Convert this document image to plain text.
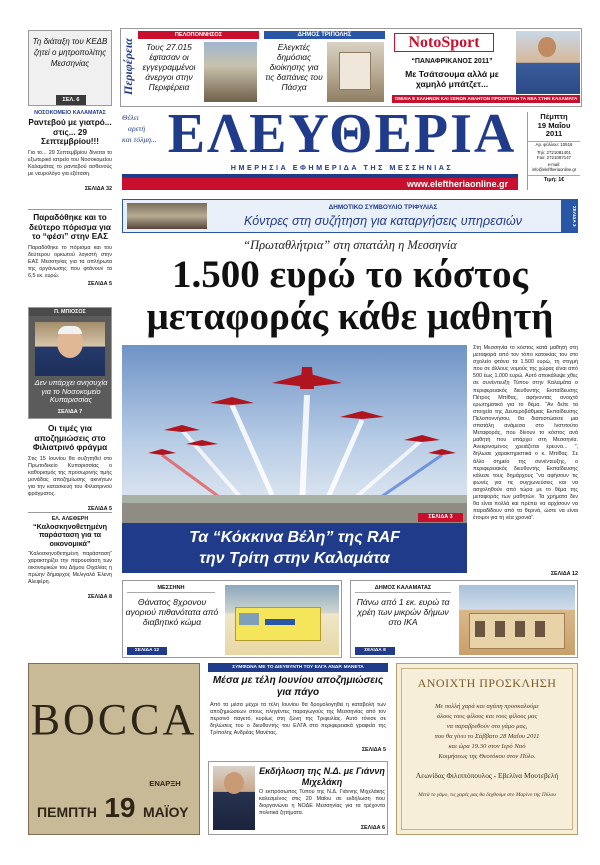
Τη διάταξη του ΚΕΔΒ ζητεί ο μητροπολίτης Μεσσηνίας
ΣΕΛ. 6
ΝΟΣΟΚΟΜΕΙΟ ΚΑΛΑΜΑΤΑΣ
Ραντεβού με γιατρό... στις... 29 Σεπτεμβρίου!!!
Για το... 29 Σεπτεμβρίου δίνεται το εξωτερικό ιατρείο του Νοσοκομείου Καλαμάτας το ραντεβού ασθενούς με νευρολόγο για εξέταση.
ΣΕΛΙΔΑ 32
Παραδόθηκε και το δεύτερο πόρισμα για το “φέσι” στην ΕΑΣ
Παραδόθηκε το πόρισμα και του δεύτερου ορκωτού λογιστή στην ΕΑΣ Μεσσηνίας για τα απλήρωτα της οργάνωσης που φτάνουν τα 6,5 εκ. ευρώ.
ΣΕΛΙΔΑ 5
Π. ΜΠΙΟΣΟΣ
Δεν υπάρχει ανησυχία για το Νοσοκομείο Κυπαρισσίας
ΣΕΛΙΔΑ 7
Οι τιμές για αποζημιώσεις στο Φιλιατρινό φράγμα
Στις 15 Ιουνίου θα συζητηθεί στο Πρωτοδικείο Κυπαρισσίας ο καθορισμός της προσωρινής τιμής μονάδας αποζημίωσης ακινήτων για την κατασκευή του Φιλιατρινού φράγματος.
ΣΕΛΙΔΑ 5
ΕΛ. ΑΛΕΦΕΡΗ
“Καλοσκηνοθετημένη παράσταση για τα οικονομικά”
“Καλοσκηνοθετημένη παράσταση” χαρακτηρίζει την παρουσίαση των οικονομικών του Δήμου Οιχαλίας η πρώην δήμαρχος Μελιγαλά Έλενη Αλεφέρη.
ΣΕΛΙΔΑ 8
Περιφέρεια
ΠΕΛΟΠΟΝΝΗΣΟΣ
Τους 27.015 έφτασαν οι εγγεγραμμένοι άνεργοι στην Περιφέρεια
ΔΗΜΟΣ ΤΡΙΠΟΛΗΣ
Ελεγκτές δημόσιας διοίκησης για τις δαπάνες του Πάσχα
NotoSport
“ΠΑΝΑΦΡΙΚΑΝΟΣ 2011”
Με Τσάτσουμα αλλά με χαμηλό μπάτζετ...
ΟΜΙΛΙΑ Ε ΕΛΛΗΝΩΝ ΚΑΙ ΞΕΝΩΝ ΑΘΛΗΤΩΝ ΠΡΟΟΠΤΙΚΗ ΤΑ ΝΕΑ ΣΤΗΝ ΚΑΛΑΜΑΤΑ
Θέλει
αρετή
και τόλμη... ΕΛΕΥΘΕΡΙΑ
ΗΜΕΡΗΣΙΑ ΕΦΗΜΕΡΙΔΑ ΤΗΣ ΜΕΣΣΗΝΙΑΣ
www.eleftheriaonline.gr
Πέμπτη
19 Μαΐου
2011
Αρ. φύλλου: 10516
Τηλ: 2721081401
Fax: 2721087147
e-mail: info@eleftheriaonline.gr
Τιμή: 1€
ΔΗΜΟΤΙΚΟ ΣΥΜΒΟΥΛΙΟ ΤΡΙΦΥΛΙΑΣ
Κόντρες στη συζήτηση για καταργήσεις υπηρεσιών	ΣΕΛΙΔΑ 3
“Πρωταθλήτρια” στη σπατάλη η Μεσσηνία
1.500 ευρώ το κόστος
μεταφοράς κάθε μαθητή
ΣΕΛΙΔΑ 3
Τα “Κόκκινα Βέλη” της RAF
την Τρίτη στην Καλαμάτα
Στη Μεσσηνία το κόστος κατά μαθητή στη μεταφορά από τον τόπο κατοικίας του στο σχολείο φτάνει τα 1.500 ευρώ, τη στιγμή που σε άλλους νομούς της χώρας είναι από 500 έως 1.000 ευρώ. Αυτό αποκάλυψε χθες σε συνέντευξη Τύπου στην Καλαμάτα ο περιφερειακός διευθυντής Εκπαίδευσης Πέτρος Μπίθας, αφήνοντας ανοιχτό ερωτηματικό για το θέμα. “Αν δείτε τα στοιχεία της Δευτεροβάθμιας Εκπαίδευσης Πελοποννήσου, θα διαπιστώσετε μια σπατάλη ανάμεσα στο Ινστιτούτο Μεταφοράς, που δίνουν το κόστος ανά μαθητή που υπάρχει στη Μεσσηνία. Ανεκρινομένος χρειάζεται έρευνα... ”, δήλωσε χαρακτηριστικά ο κ. Μπίθας. Σε άλλο σημείο της συνέντευξης, ο περιφερειακός διευθυντής Εκπαίδευσης κάλεσε τους δημάρχους “να αφήσουν τις φωνές για τις συγχωνεύσεις και να ασχοληθούν από τώρα με το θέμα της μεταφοράς των μαθητών. Τα χρήματα δεν θα είναι πολλά και πρέπει να αρχίσουν να παραδίδουν από τα θερινά, ώστε να είναι έτοιμοι για τη νέα χρονιά”.
ΣΕΛΙΔΑ 12
ΜΕΣΣΗΝΗ
Θάνατος 8χρονου αγοριού πιθανότατα από διαβητικό κώμα
ΣΕΛΙΔΑ 12
ΔΗΜΟΣ ΚΑΛΑΜΑΤΑΣ
Πάνω από 1 εκ. ευρώ τα χρέη των μικρών δήμων στο ΙΚΑ
ΣΕΛΙΔΑ 8
BOCCA
ΕΝΑΡΞΗ
ΠΕΜΠΤΗ 19 ΜΑΪΟΥ
ΣΥΜΦΩΝΑ ΜΕ ΤΟ ΔΙΕΥΘΥΝΤΗ ΤΟΥ ΕΛΓΑ ΑΝΔΡ. ΜΑΝΕΤΑ
Μέσα με τέλη Ιουνίου αποζημιώσεις για πάγο
Από τα μέσα μέχρι τα τέλη Ιουνίου θα δρομολογηθεί η καταβολή των αποζημιώσεων στους πληγέντες παραγωγούς της Μεσσηνίας από τον περσινό παγετό, κυρίως στη ζώνη της Τριφυλίας. Αυτό τόνισε σε δηλώσεις του ο διευθυντής του ΕΛΓΑ στα περιφερειακά γραφεία της Τρίπολης Ανδρέας Μανέτας.
ΣΕΛΙΔΑ 5
Εκδήλωση της Ν.Δ. με Γιάννη Μιχελάκη
Ο εκπρόσωπος Τύπου της Ν.Δ. Γιάννης Μιχελάκης καλεσμένος στις 20 Μαΐου σε εκδήλωση που διοργανώνει η ΝΟΔΕ Μεσσηνίας για τα τρέχοντα πολιτικά ζητήματα.
ΣΕΛΙΔΑ 6
ΑΝΟΙΧΤΗ ΠΡΟΣΚΛΗΣΗ
Με πολλή χαρά και αγάπη προσκαλούμε
όλους τους φίλους και τους φίλους μας
να παραβρεθούν στο γάμο μας,
που θα γίνει το Σάββατο 28 Μαΐου 2011
και ώρα 19.30 στον Ιερό Ναό
Κοιμήσεως της Θεοτόκου στον Πύλο.
Λεωνίδας Φιλιππόπουλος - Εβελίνα Μουτεβελή
Μετά το γάμο, τις χαρές μας θα δεχθούμε στο Μαρίνο της Πύλου
